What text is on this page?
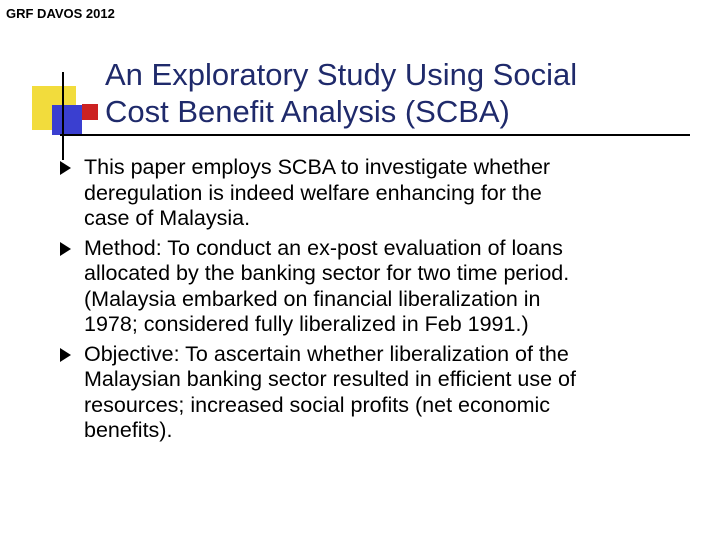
GRF DAVOS 2012
An Exploratory Study Using Social
Cost Benefit Analysis (SCBA)
This paper employs SCBA to investigate whether
deregulation is indeed welfare enhancing for the
case of Malaysia.
Method: To conduct an ex-post evaluation of loans
allocated by the banking sector for two time period.
(Malaysia embarked on financial liberalization in
1978; considered fully liberalized in Feb 1991.)
Objective: To ascertain whether liberalization of the
Malaysian banking sector resulted in efficient use of
resources; increased social profits (net economic
benefits).
